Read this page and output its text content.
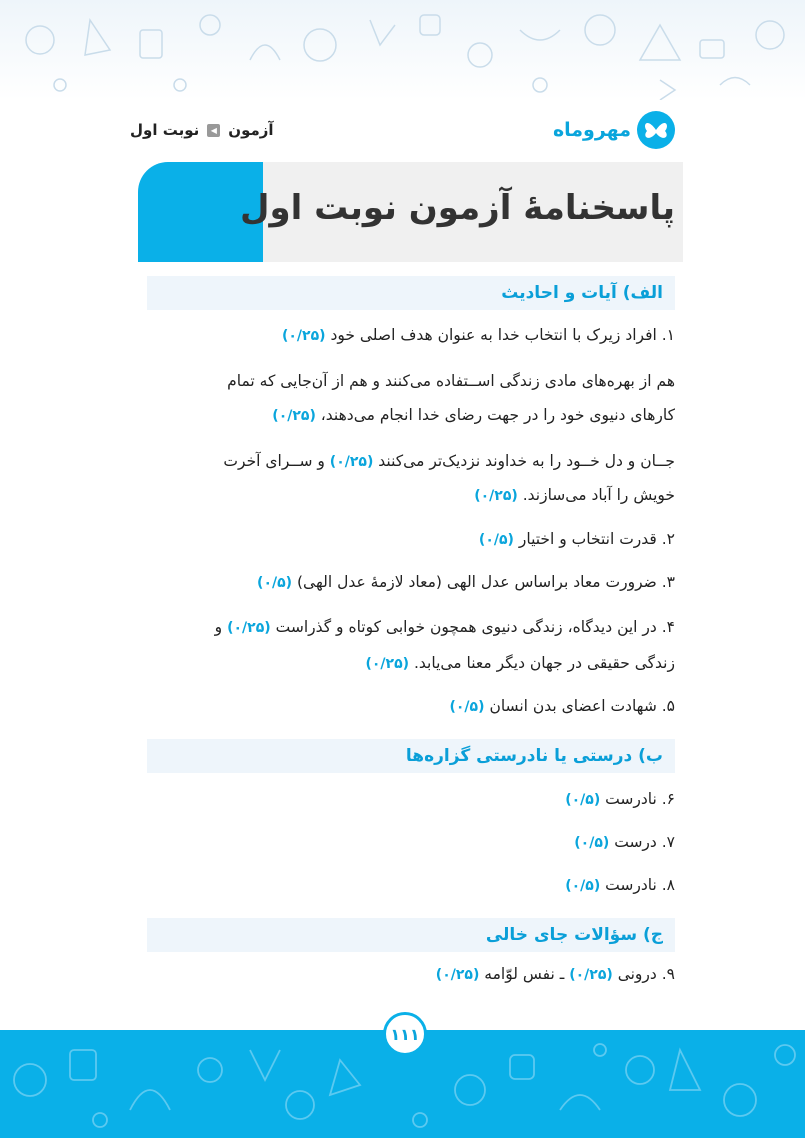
مهروماه
آزمون
◀
نوبت اول
پاسخنامهٔ آزمون نوبت اول
الف) آیات و احادیث
۱. افراد زیرک با انتخاب خدا به عنوان هدف اصلی خود (۰/۲۵)
هم از بهره‌های مادی زندگی اســتفاده می‌کنند و هم از آن‌جایی که تمام
کارهای دنیوی خود را در جهت رضای خدا انجام می‌دهند، (۰/۲۵)
جــان و دل خــود را به خداوند نزدیک‌تر می‌کنند (۰/۲۵) و ســرای آخرت
خویش را آباد می‌سازند. (۰/۲۵)
۲. قدرت انتخاب و اختیار (۰/۵)
۳. ضرورت معاد براساس عدل الهی (معاد لازمهٔ عدل الهی) (۰/۵)
۴. در این دیدگاه، زندگی دنیوی همچون خوابی کوتاه و گذراست (۰/۲۵) و
زندگی حقیقی در جهان دیگر معنا می‌یابد. (۰/۲۵)
۵. شهادت اعضای بدن انسان (۰/۵)
ب) درستی یا نادرستی گزاره‌ها
۶. نادرست (۰/۵)
۷. درست (۰/۵)
۸. نادرست (۰/۵)
ج) سؤالات جای خالی
۹. درونی (۰/۲۵) ـ نفس لوّامه (۰/۲۵)
۱۱۱
